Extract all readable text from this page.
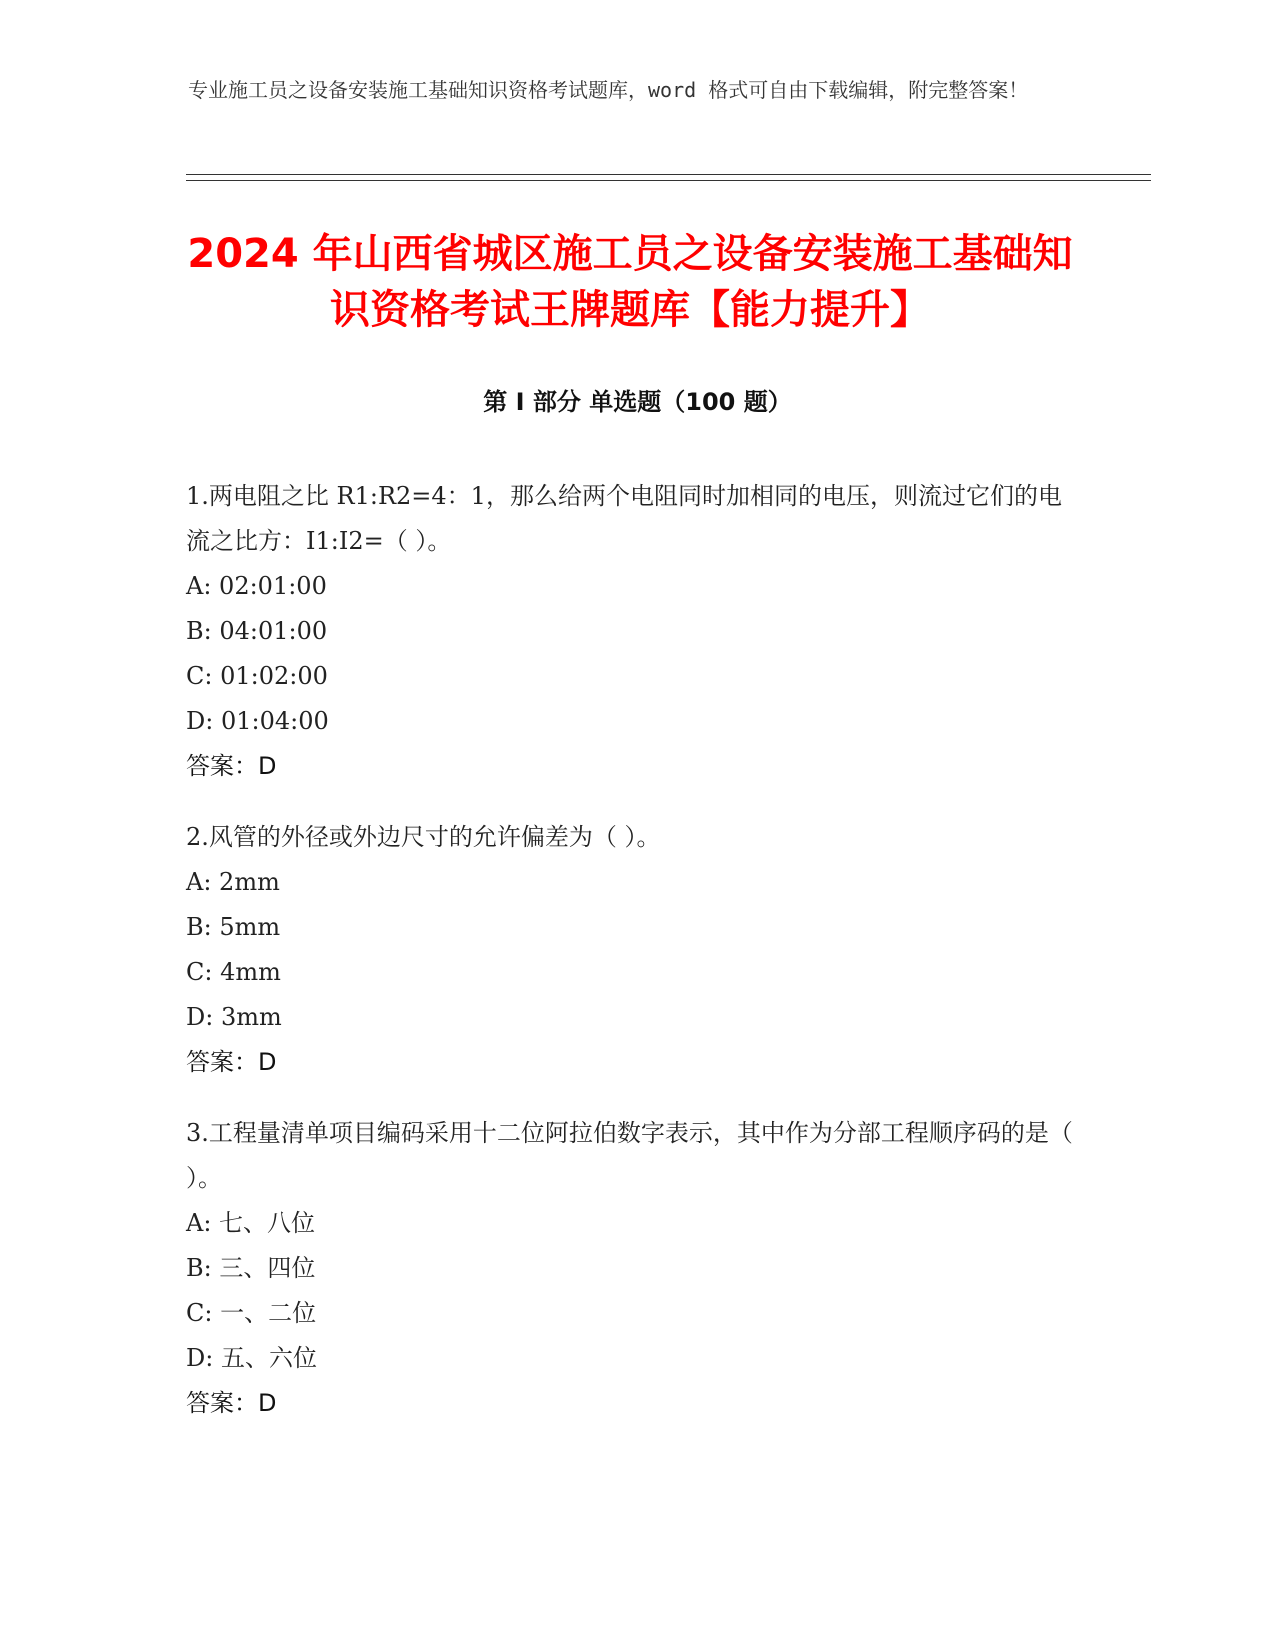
专业施工员之设备安装施工基础知识资格考试题库，word 格式可自由下载编辑，附完整答案！

2024 年山西省城区施工员之设备安装施工基础知识资格考试王牌题库【能力提升】
第 I 部分 单选题（100 题）

1.两电阻之比 R1:R2=4：1，那么给两个电阻同时加相同的电压，则流过它们的电流之比方：I1:I2=（ ）。

A: 02:01:00

B: 04:01:00

C: 01:02:00

D: 01:04:00

答案：D

2.风管的外径或外边尺寸的允许偏差为（ ）。

A: 2mm

B: 5mm

C: 4mm

D: 3mm

答案：D

3.工程量清单项目编码采用十二位阿拉伯数字表示，其中作为分部工程顺序码的是（ ）。

A: 七、八位

B: 三、四位

C: 一、二位

D: 五、六位

答案：D
